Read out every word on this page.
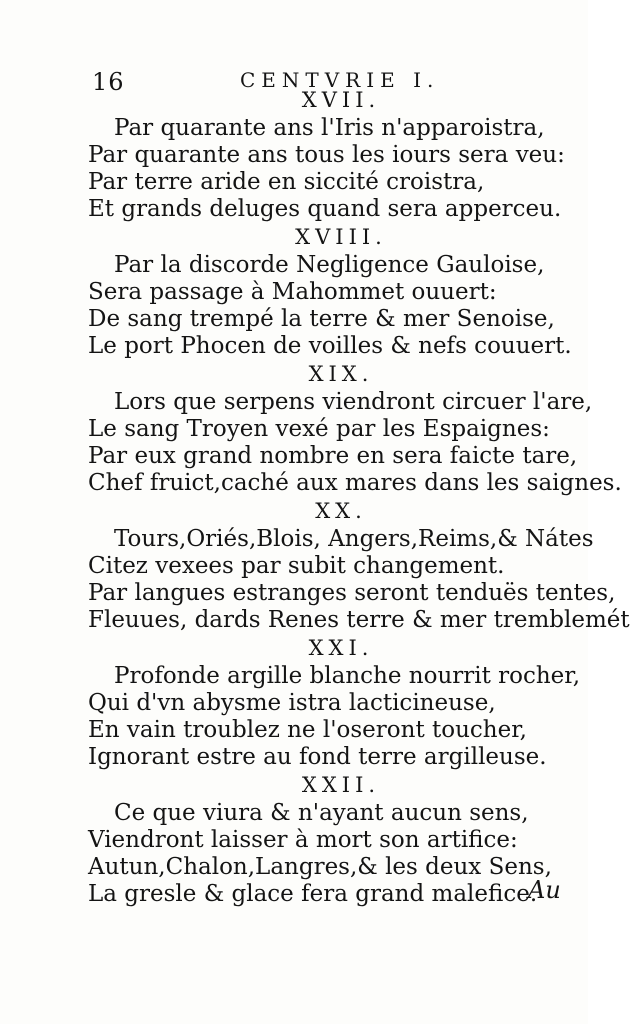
16	CENTVRIE I.
XVII.
Par quarante ans l'Iris n'apparoistra,
Par quarante ans tous les iours sera veu:
Par terre aride en siccité croistra,
Et grands deluges quand sera apperceu.
XVIII.
Par la discorde Negligence Gauloise,
Sera passage à Mahommet ouuert:
De sang trempé la terre & mer Senoise,
Le port Phocen de voilles & nefs couuert.
XIX.
Lors que serpens viendront circuer l'are,
Le sang Troyen vexé par les Espaignes:
Par eux grand nombre en sera faicte tare,
Chef fruict,caché aux mares dans les saignes.
XX.
Tours,Oriés,Blois, Angers,Reims,& Nátes
Citez vexees par subit changement.
Par langues estranges seront tenduës tentes,
Fleuues, dards Renes terre & mer tremblemét
XXI.
Profonde argille blanche nourrit rocher,
Qui d'vn abysme istra lacticineuse,
En vain troublez ne l'oseront toucher,
Ignorant estre au fond terre argilleuse.
XXII.
Ce que viura & n'ayant aucun sens,
Viendront laisser à mort son artifice:
Autun,Chalon,Langres,& les deux Sens,
La gresle & glace fera grand malefice.
Au
